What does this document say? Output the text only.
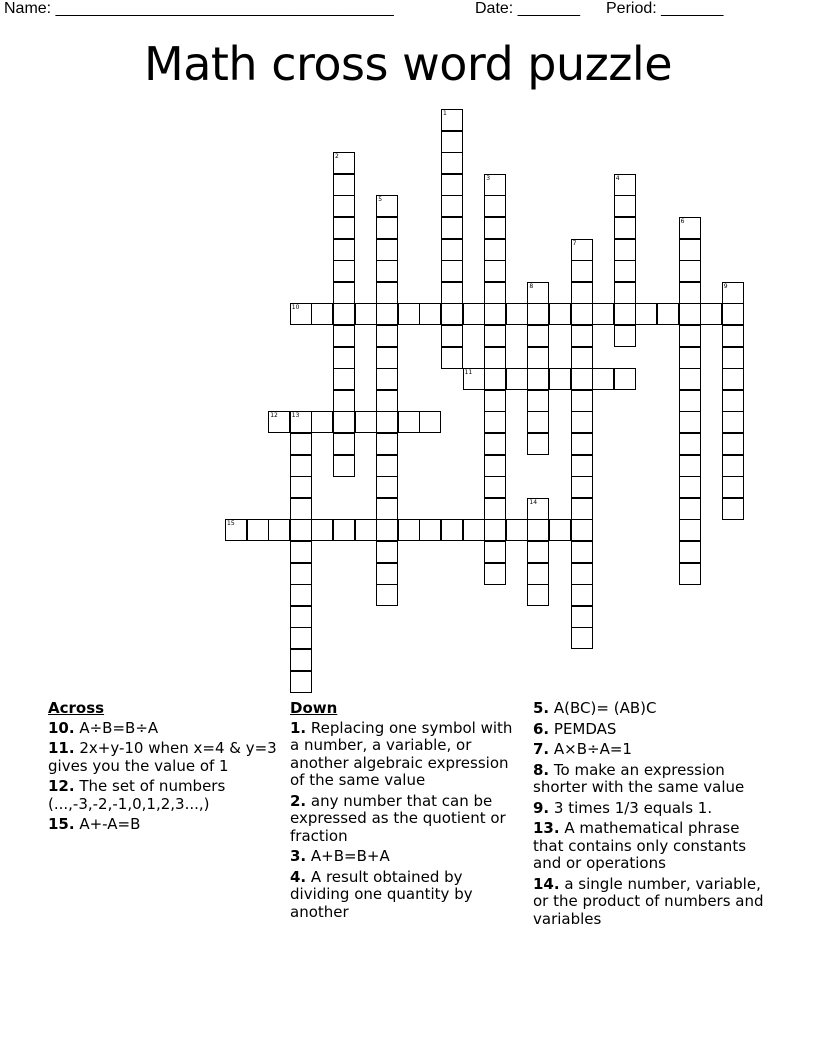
Name: ______________________________________	Date: _______ Period: _______
Math cross word puzzle
1
2
3	4
5
6
7
8	9
10
11
12 13
14
15
Across
10. A÷B=B÷A
11. 2x+y-10 when x=4 & y=3 gives you the value of 1
12. The set of numbers (...,-3,-2,-1,0,1,2,3...,)
15. A+-A=B
Down
1. Replacing one symbol with a number, a variable, or another algebraic expression of the same value
2. any number that can be expressed as the quotient or fraction
3. A+B=B+A
4. A result obtained by dividing one quantity by another
5. A(BC)= (AB)C
6. PEMDAS
7. A×B÷A=1
8. To make an expression shorter with the same value
9. 3 times 1/3 equals 1.
13. A mathematical phrase that contains only constants and or operations
14. a single number, variable, or the product of numbers and variables
